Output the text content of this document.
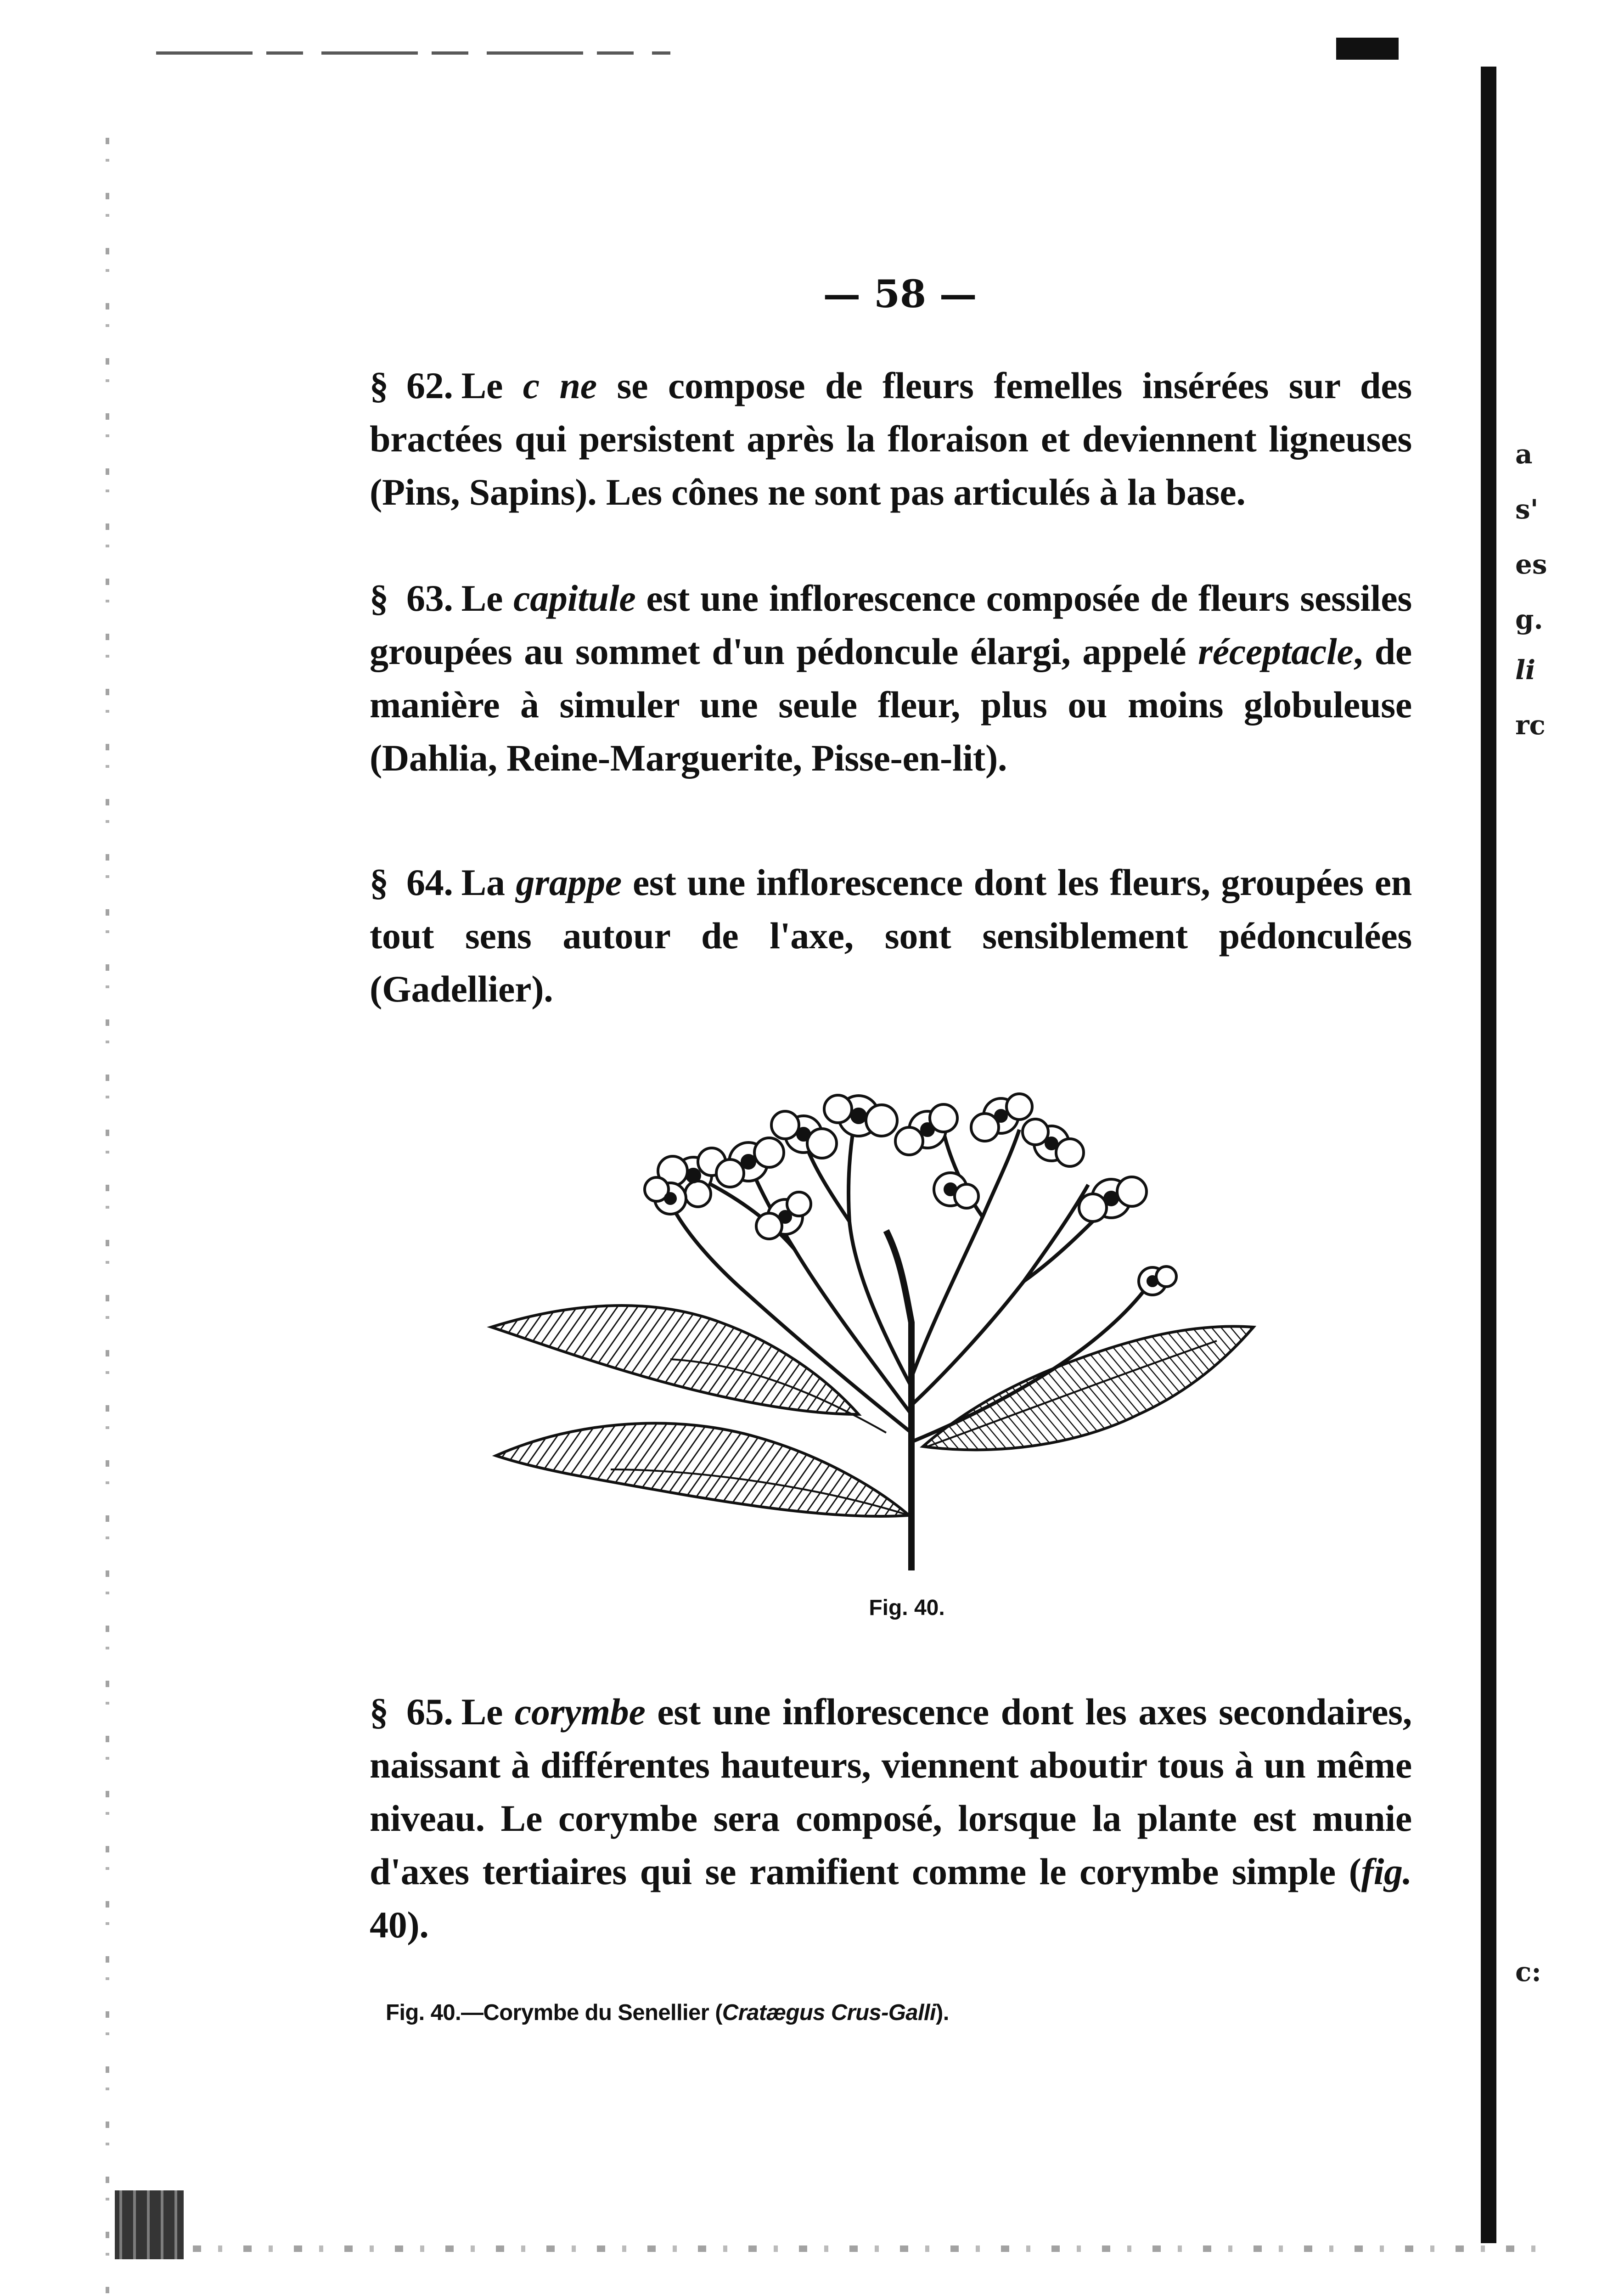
a
s'
es
g.
li
rc
c:
— 58 —

§ 62. Le c ne se compose de fleurs femelles insérées sur des bractées qui persistent après la floraison et deviennent ligneuses (Pins, Sapins). Les cônes ne sont pas articulés à la base.

§ 63. Le capitule est une inflorescence composée de fleurs sessiles groupées au sommet d'un pédoncule élargi, appelé réceptacle, de manière à simuler une seule fleur, plus ou moins globuleuse (Dahlia, Reine-Marguerite, Pisse-en-lit).

§ 64. La grappe est une inflorescence dont les fleurs, groupées en tout sens autour de l'axe, sont sensiblement pédonculées (Gadellier).

Fig. 40.

§ 65. Le corymbe est une inflorescence dont les axes secondaires, naissant à différentes hauteurs, viennent aboutir tous à un même niveau. Le corymbe sera composé, lorsque la plante est munie d'axes tertiaires qui se ramifient comme le corymbe simple (fig. 40).

Fig. 40.—Corymbe du Senellier (Cratægus Crus-Galli).
